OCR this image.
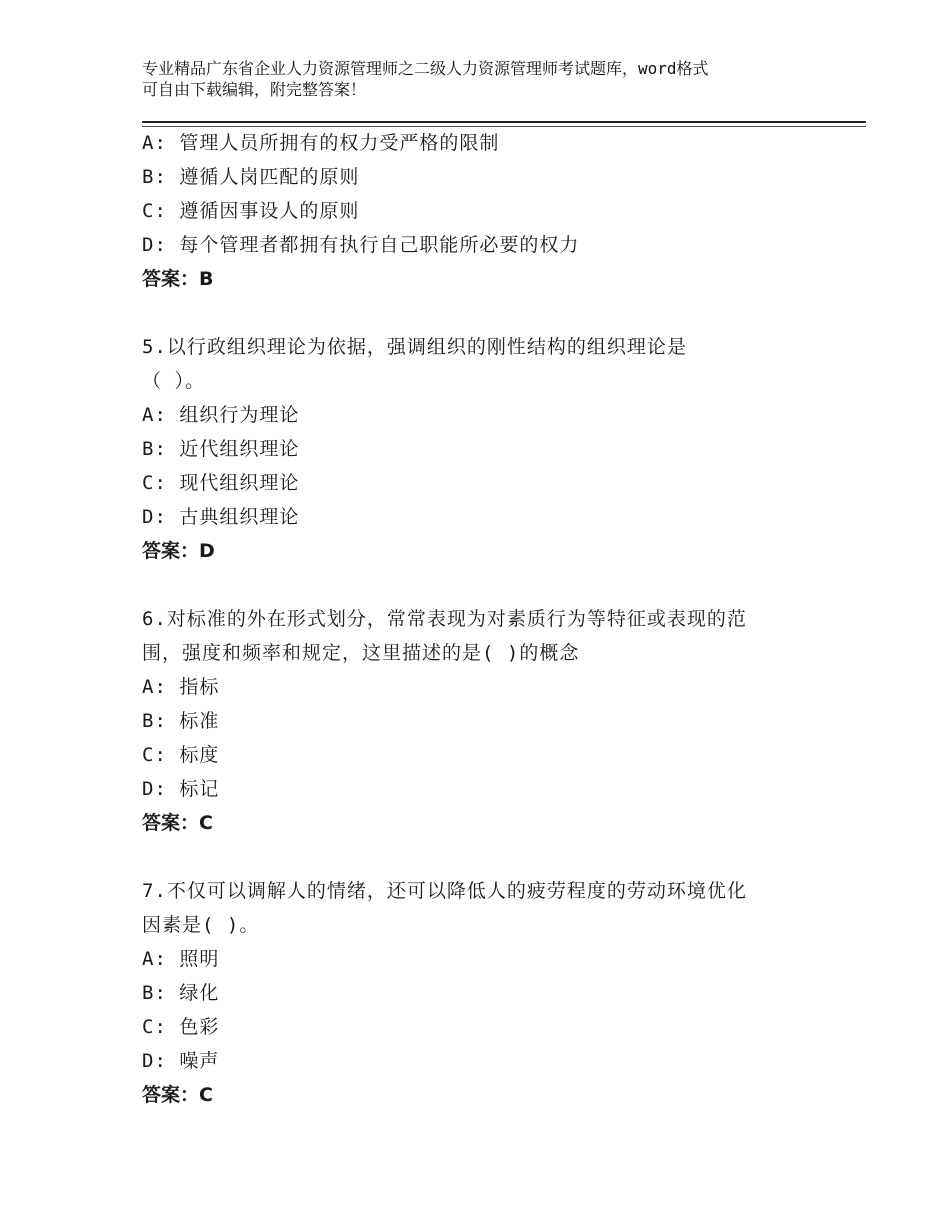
专业精品广东省企业人力资源管理师之二级人力资源管理师考试题库，word格式
可自由下载编辑，附完整答案！
A: 管理人员所拥有的权力受严格的限制
B: 遵循人岗匹配的原则
C: 遵循因事设人的原则
D: 每个管理者都拥有执行自己职能所必要的权力
答案：B
5.以行政组织理论为依据，强调组织的刚性结构的组织理论是
（ ）。
A: 组织行为理论
B: 近代组织理论
C: 现代组织理论
D: 古典组织理论
答案：D
6.对标准的外在形式划分，常常表现为对素质行为等特征或表现的范
围，强度和频率和规定，这里描述的是( )的概念
A: 指标
B: 标准
C: 标度
D: 标记
答案：C
7.不仅可以调解人的情绪，还可以降低人的疲劳程度的劳动环境优化
因素是( )。
A: 照明
B: 绿化
C: 色彩
D: 噪声
答案：C
